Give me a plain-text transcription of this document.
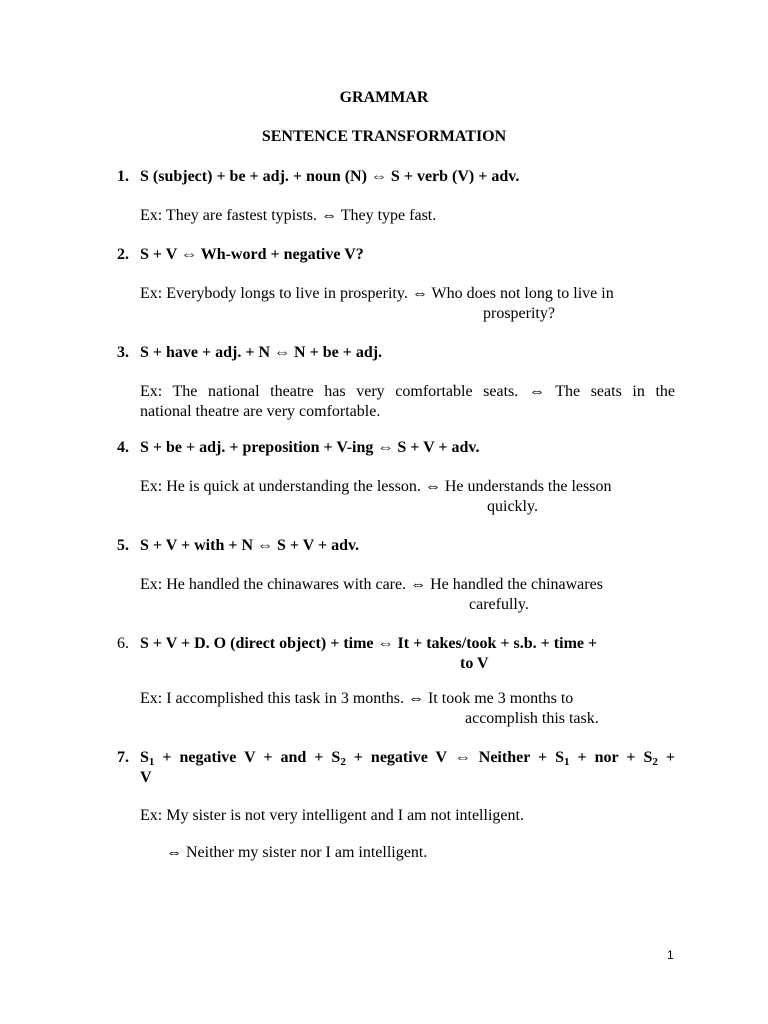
GRAMMAR
SENTENCE TRANSFORMATION
1. S (subject) + be + adj. + noun (N) ⇔ S + verb (V) + adv.
Ex: They are fastest typists. ⇔ They type fast.
2. S + V ⇔ Wh-word + negative V?
Ex: Everybody longs to live in prosperity. ⇔ Who does not long to live in
prosperity?
3. S + have + adj. + N ⇔ N + be + adj.
Ex: The national theatre has very comfortable seats. ⇔ The seats in the
national theatre are very comfortable.
4. S + be + adj. + preposition + V-ing ⇔ S + V + adv.
Ex: He is quick at understanding the lesson. ⇔ He understands the lesson
quickly.
5. S + V + with + N ⇔ S + V + adv.
Ex: He handled the chinawares with care. ⇔ He handled the chinawares
carefully.
6. S + V + D. O (direct object) + time ⇔ It + takes/took + s.b. + time +
to V
Ex: I accomplished this task in 3 months. ⇔ It took me 3 months to
accomplish this task.
7. $S_1$ + negative V + and + $S_2$ + negative V ⇔ Neither + $S_1$ + nor + $S_2$ +
V
Ex: My sister is not very intelligent and I am not intelligent.
⇔ Neither my sister nor I am intelligent.
1
